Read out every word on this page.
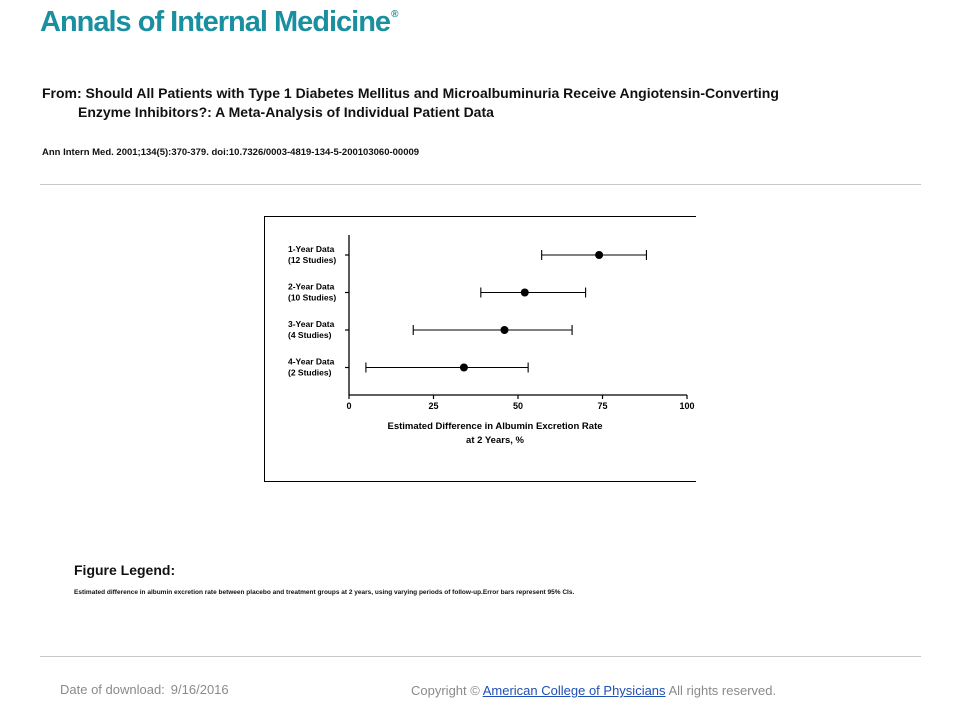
Annals of Internal Medicine®
From: Should All Patients with Type 1 Diabetes Mellitus and Microalbuminuria Receive Angiotensin-Converting
Enzyme Inhibitors?: A Meta-Analysis of Individual Patient Data
Ann Intern Med. 2001;134(5):370-379. doi:10.7326/0003-4819-134-5-200103060-00009
0	25	50	75	100
1-Year Data
(12 Studies)
2-Year Data
(10 Studies)
3-Year Data
(4 Studies)
4-Year Data
(2 Studies)
Estimated Difference in Albumin Excretion Rate
at 2 Years, %
Figure Legend:
Estimated difference in albumin excretion rate between placebo and treatment groups at 2 years, using varying periods of follow-up.Error bars represent 95% CIs.
Date of download: 9/16/2016	Copyright © American College of Physicians All rights reserved.
